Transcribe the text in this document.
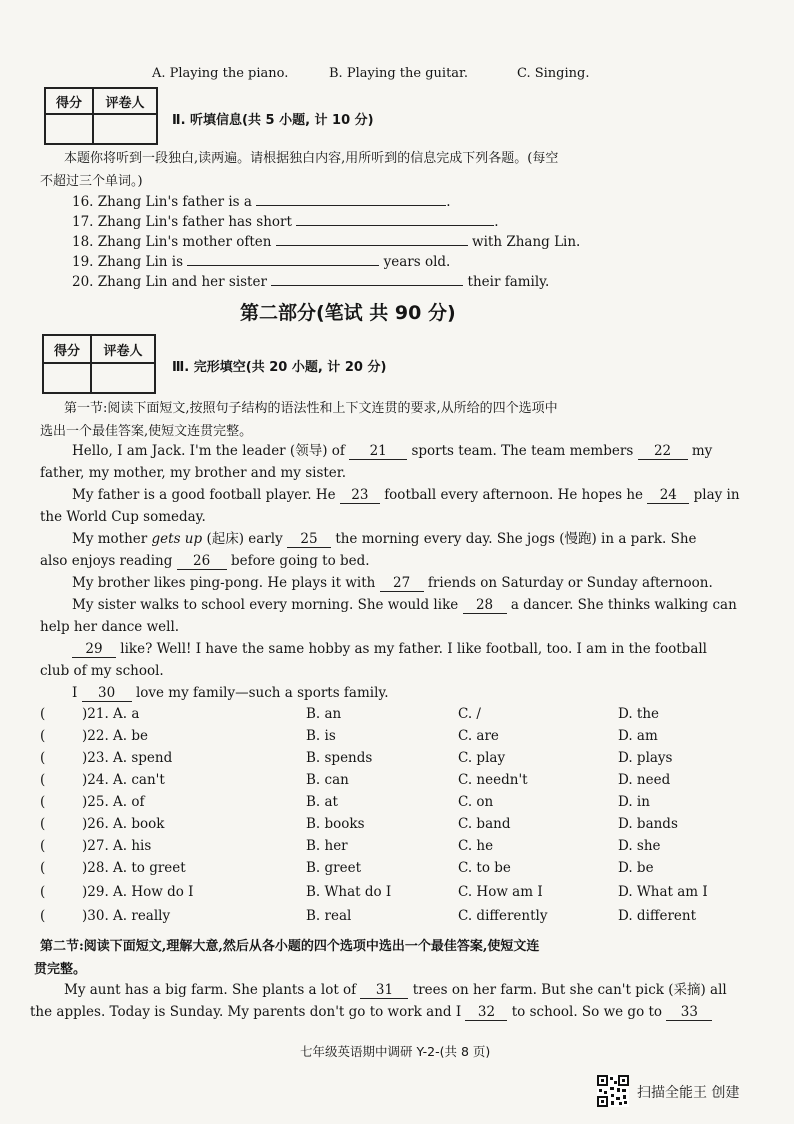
A. Playing the piano.	B. Playing the guitar.	C. Singing.
得分	评卷人

Ⅱ. 听填信息(共 5 小题, 计 10 分)
本题你将听到一段独白,读两遍。请根据独白内容,用所听到的信息完成下列各题。(每空
不超过三个单词。)
16. Zhang Lin's father is a	.
17. Zhang Lin's father has short	.
18. Zhang Lin's mother often	with Zhang Lin.
19. Zhang Lin is	years old.
20. Zhang Lin and her sister	their family.
第二部分(笔试 共 90 分)
得分	评卷人

Ⅲ. 完形填空(共 20 小题, 计 20 分)
第一节:阅读下面短文,按照句子结构的语法性和上下文连贯的要求,从所给的四个选项中
选出一个最佳答案,使短文连贯完整。
Hello, I am Jack. I'm the leader (领导) of 21 sports team. The team members 22 my
father, my mother, my brother and my sister.
My father is a good football player. He 23 football every afternoon. He hopes he 24 play in
the World Cup someday.
My mother gets up (起床) early 25 the morning every day. She jogs (慢跑) in a park. She
also enjoys reading 26 before going to bed.
My brother likes ping-pong. He plays it with 27 friends on Saturday or Sunday afternoon.
My sister walks to school every morning. She would like 28 a dancer. She thinks walking can
help her dance well.
29 like? Well! I have the same hobby as my father. I like football, too. I am in the football
club of my school.
I 30 love my family—such a sports family.
(	)21. A. a	B. an	C. /	D. the
(	)22. A. be	B. is	C. are	D. am
(	)23. A. spend	B. spends	C. play	D. plays
(	)24. A. can't	B. can	C. needn't	D. need
(	)25. A. of	B. at	C. on	D. in
(	)26. A. book	B. books	C. band	D. bands
(	)27. A. his	B. her	C. he	D. she
(	)28. A. to greet	B. greet	C. to be	D. be
(	)29. A. How do I	B. What do I	C. How am I	D. What am I
(	)30. A. really	B. real	C. differently	D. different
第二节:阅读下面短文,理解大意,然后从各小题的四个选项中选出一个最佳答案,使短文连
贯完整。
My aunt has a big farm. She plants a lot of 31 trees on her farm. But she can't pick (采摘) all
the apples. Today is Sunday. My parents don't go to work and I 32 to school. So we go to 33
七年级英语期中调研 Y-2-(共 8 页)
扫描全能王 创建
